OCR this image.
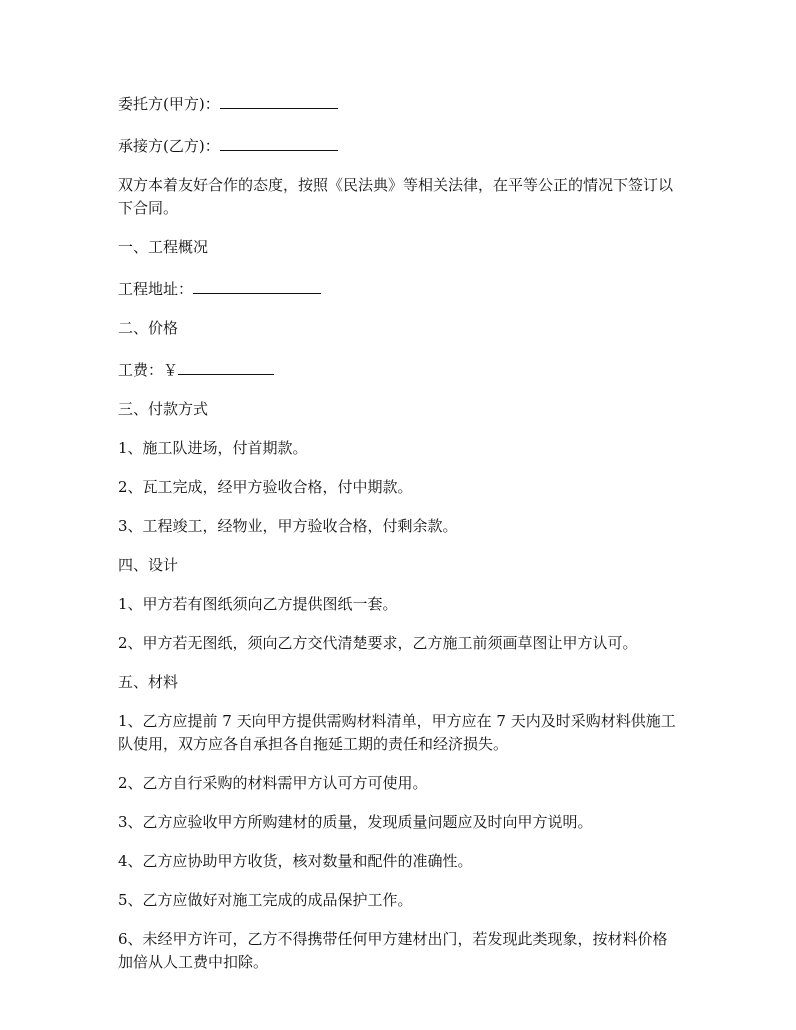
委托方(甲方)：

承接方(乙方)：

双方本着友好合作的态度，按照《民法典》等相关法律，在平等公正的情况下签订以下合同。

一、工程概况

工程地址：

二、价格

工费：￥

三、付款方式

1、施工队进场，付首期款。

2、瓦工完成，经甲方验收合格，付中期款。

3、工程竣工，经物业，甲方验收合格，付剩余款。

四、设计

1、甲方若有图纸须向乙方提供图纸一套。

2、甲方若无图纸，须向乙方交代清楚要求，乙方施工前须画草图让甲方认可。

五、材料

1、乙方应提前 7 天向甲方提供需购材料清单，甲方应在 7 天内及时采购材料供施工队使用，双方应各自承担各自拖延工期的责任和经济损失。

2、乙方自行采购的材料需甲方认可方可使用。

3、乙方应验收甲方所购建材的质量，发现质量问题应及时向甲方说明。

4、乙方应协助甲方收货，核对数量和配件的准确性。

5、乙方应做好对施工完成的成品保护工作。

6、未经甲方许可，乙方不得携带任何甲方建材出门，若发现此类现象，按材料价格加倍从人工费中扣除。
